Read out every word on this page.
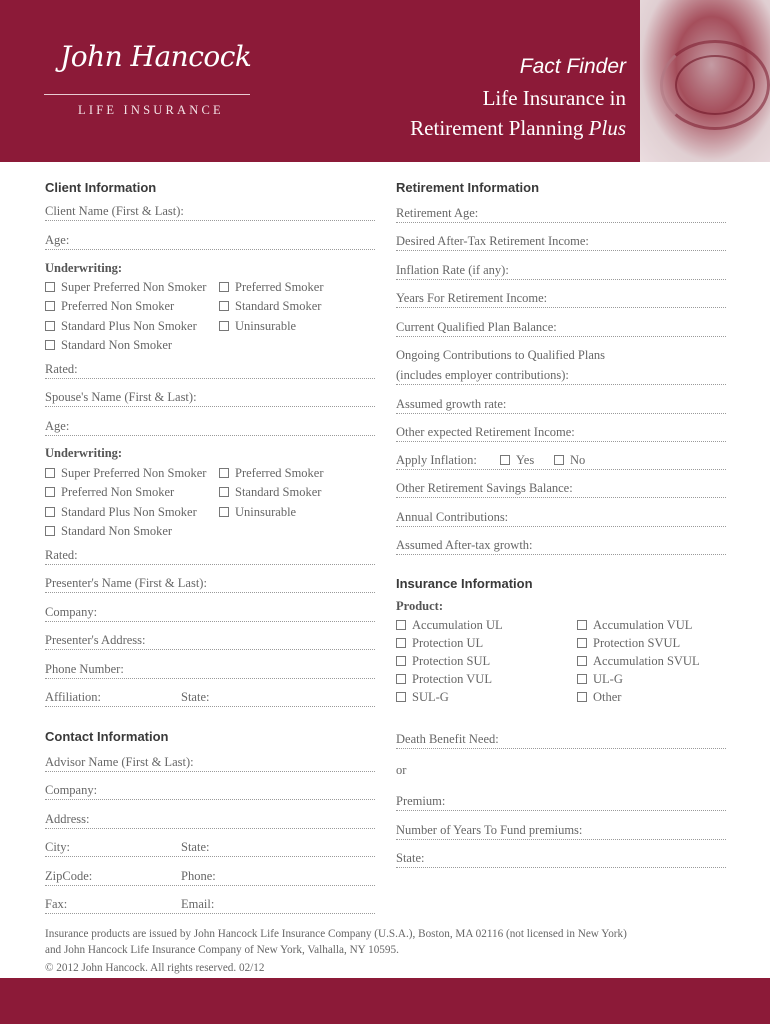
John Hancock
LIFE INSURANCE
Fact Finder
Life Insurance in
Retirement Planning Plus
Client Information
Client Name (First & Last):
Age:
Underwriting:
Super Preferred Non Smoker
Preferred Non Smoker
Standard Plus Non Smoker
Standard Non Smoker
Preferred Smoker
Standard Smoker
Uninsurable
Rated:
Spouse's Name (First & Last):
Age:
Underwriting:
Super Preferred Non Smoker
Preferred Non Smoker
Standard Plus Non Smoker
Standard Non Smoker
Preferred Smoker
Standard Smoker
Uninsurable
Rated:
Presenter's Name (First & Last):
Company:
Presenter's Address:
Phone Number:
Affiliation:	State:
Contact Information
Advisor Name (First & Last):
Company:
Address:
City:	State:
ZipCode:	Phone:
Fax:	Email:
Retirement Information
Retirement Age:
Desired After-Tax Retirement Income:
Inflation Rate (if any):
Years For Retirement Income:
Current Qualified Plan Balance:
Ongoing Contributions to Qualified Plans
(includes employer contributions):
Assumed growth rate:
Other expected Retirement Income:
Apply Inflation:	Yes	No
Other Retirement Savings Balance:
Annual Contributions:
Assumed After-tax growth:
Insurance Information
Product:
Accumulation UL
Protection UL
Protection SUL
Protection VUL
SUL-G
Accumulation VUL
Protection SVUL
Accumulation SVUL
UL-G
Other
Death Benefit Need:
or
Premium:
Number of Years To Fund premiums:
State:
Insurance products are issued by John Hancock Life Insurance Company (U.S.A.), Boston, MA 02116 (not licensed in New York)
and John Hancock Life Insurance Company of New York, Valhalla, NY 10595.
© 2012 John Hancock. All rights reserved. 02/12
